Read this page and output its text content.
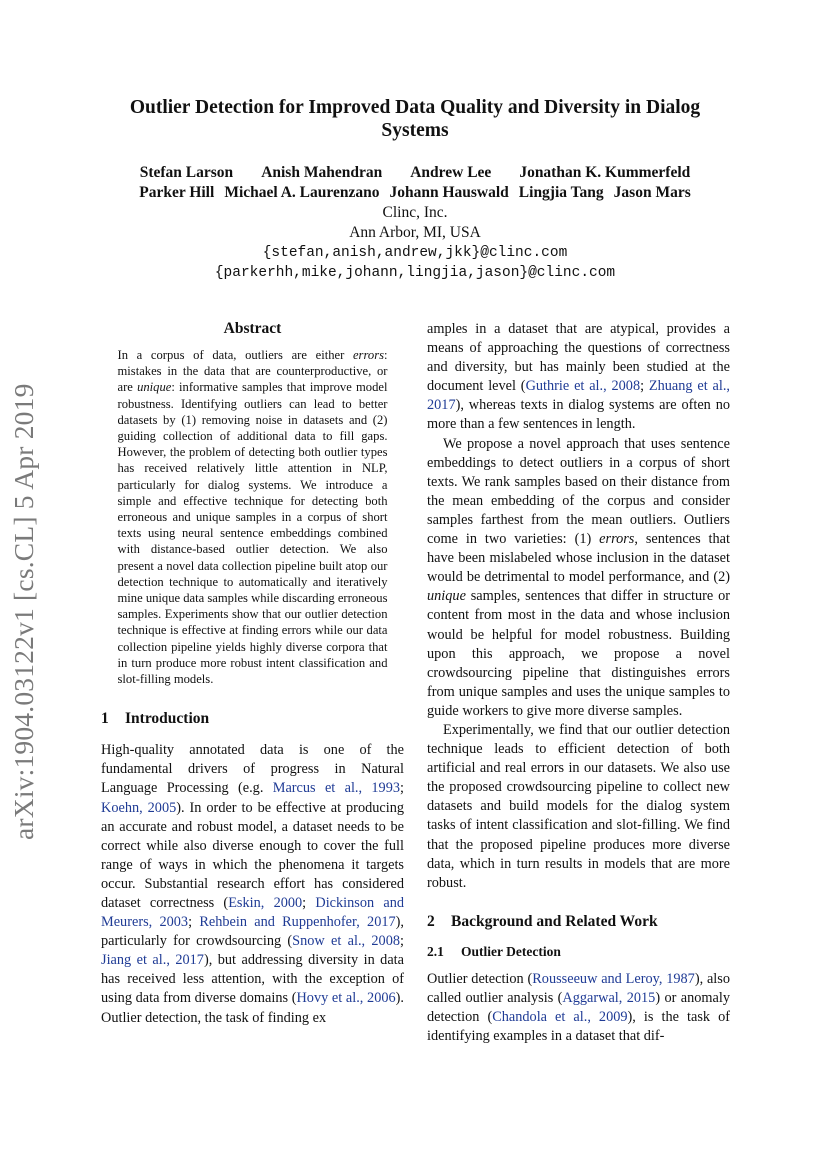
arXiv:1904.03122v1 [cs.CL] 5 Apr 2019
Outlier Detection for Improved Data Quality and Diversity in Dialog Systems
Stefan Larson Anish Mahendran Andrew Lee Jonathan K. Kummerfeld
Parker Hill Michael A. Laurenzano Johann Hauswald Lingjia Tang Jason Mars
Clinc, Inc.
Ann Arbor, MI, USA
{stefan,anish,andrew,jkk}@clinc.com
{parkerhh,mike,johann,lingjia,jason}@clinc.com
Abstract

In a corpus of data, outliers are either errors: mistakes in the data that are counterproductive, or are unique: informative samples that improve model robustness. Identifying outliers can lead to better datasets by (1) removing noise in datasets and (2) guiding collection of additional data to fill gaps. However, the problem of detecting both outlier types has received relatively little attention in NLP, particularly for dialog systems. We introduce a simple and effective technique for detecting both erroneous and unique samples in a corpus of short texts using neural sentence embeddings combined with distance-based outlier detection. We also present a novel data collection pipeline built atop our detection technique to automatically and iteratively mine unique data samples while discarding erroneous samples. Experiments show that our outlier detection technique is effective at finding errors while our data collection pipeline yields highly diverse corpora that in turn produce more robust intent classification and slot-filling models.

1 Introduction

High-quality annotated data is one of the fundamental drivers of progress in Natural Language Processing (e.g. Marcus et al., 1993; Koehn, 2005). In order to be effective at producing an accurate and robust model, a dataset needs to be correct while also diverse enough to cover the full range of ways in which the phenomena it targets occur. Substantial research effort has considered dataset correctness (Eskin, 2000; Dickinson and Meurers, 2003; Rehbein and Ruppenhofer, 2017), particularly for crowdsourcing (Snow et al., 2008; Jiang et al., 2017), but addressing diversity in data has received less attention, with the exception of using data from diverse domains (Hovy et al., 2006). Outlier detection, the task of finding ex

amples in a dataset that are atypical, provides a means of approaching the questions of correctness and diversity, but has mainly been studied at the document level (Guthrie et al., 2008; Zhuang et al., 2017), whereas texts in dialog systems are often no more than a few sentences in length.

We propose a novel approach that uses sentence embeddings to detect outliers in a corpus of short texts. We rank samples based on their distance from the mean embedding of the corpus and consider samples farthest from the mean outliers. Outliers come in two varieties: (1) errors, sentences that have been mislabeled whose inclusion in the dataset would be detrimental to model performance, and (2) unique samples, sentences that differ in structure or content from most in the data and whose inclusion would be helpful for model robustness. Building upon this approach, we propose a novel crowdsourcing pipeline that distinguishes errors from unique samples and uses the unique samples to guide workers to give more diverse samples.

Experimentally, we find that our outlier detection technique leads to efficient detection of both artificial and real errors in our datasets. We also use the proposed crowdsourcing pipeline to collect new datasets and build models for the dialog system tasks of intent classification and slot-filling. We find that the proposed pipeline produces more diverse data, which in turn results in models that are more robust.

2 Background and Related Work
2.1 Outlier Detection

Outlier detection (Rousseeuw and Leroy, 1987), also called outlier analysis (Aggarwal, 2015) or anomaly detection (Chandola et al., 2009), is the task of identifying examples in a dataset that dif-
